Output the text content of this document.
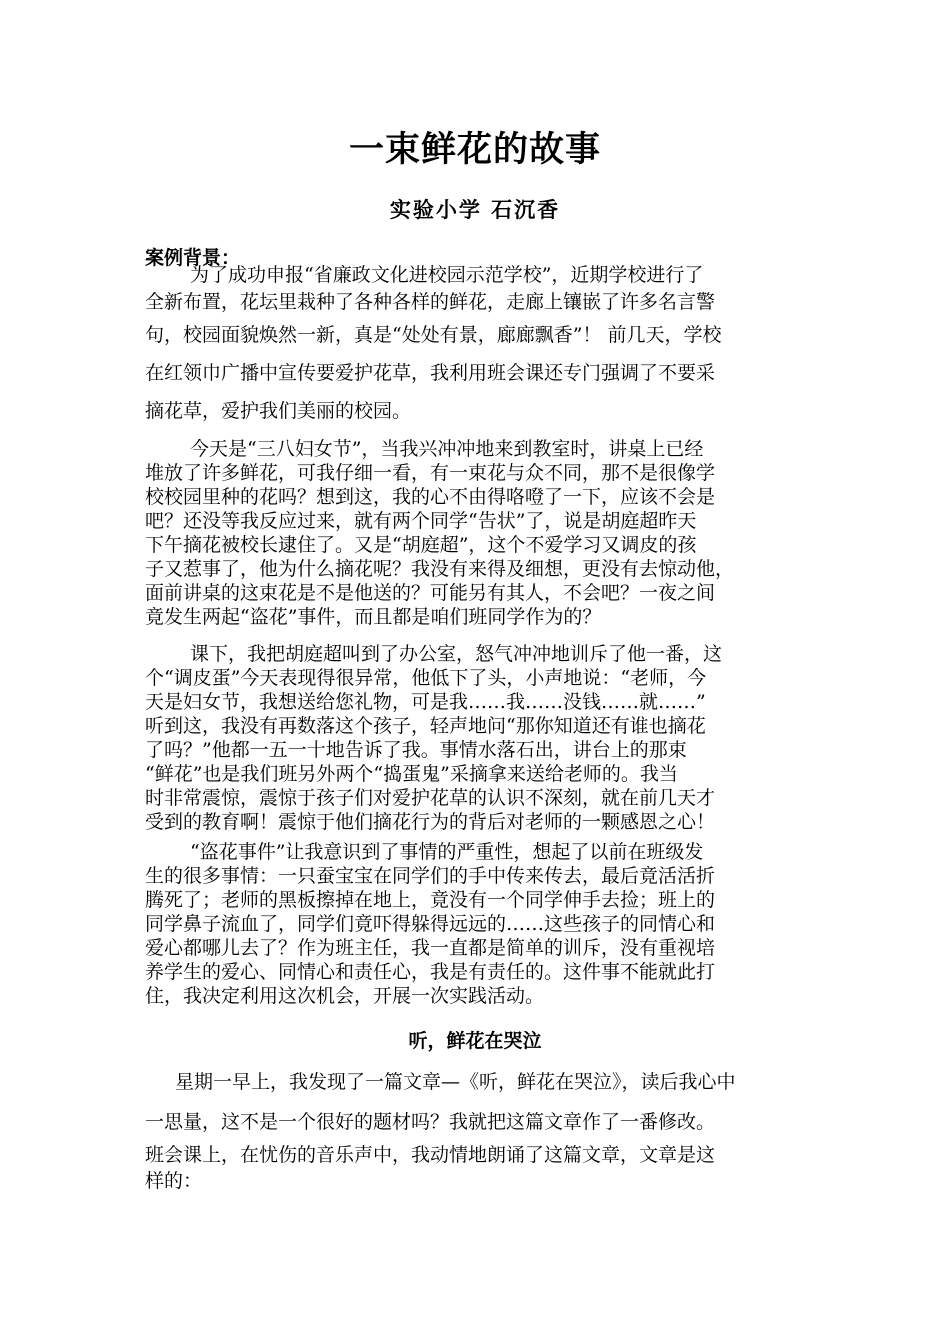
一束鲜花的故事
实验小学 石沉香
案例背景：
为了成功申报“省廉政文化进校园示范学校”，近期学校进行了
全新布置，花坛里栽种了各种各样的鲜花，走廊上镶嵌了许多名言警
句，校园面貌焕然一新，真是“处处有景，廊廊飘香”！ 前几天，学校
在红领巾广播中宣传要爱护花草，我利用班会课还专门强调了不要采
摘花草，爱护我们美丽的校园。
今天是“三八妇女节”，当我兴冲冲地来到教室时，讲桌上已经
堆放了许多鲜花，可我仔细一看，有一束花与众不同，那不是很像学
校校园里种的花吗？想到这，我的心不由得咯噔了一下，应该不会是
吧？还没等我反应过来，就有两个同学“告状”了，说是胡庭超昨天
下午摘花被校长逮住了。又是“胡庭超”，这个不爱学习又调皮的孩
子又惹事了，他为什么摘花呢？我没有来得及细想，更没有去惊动他，
面前讲桌的这束花是不是他送的？可能另有其人，不会吧？一夜之间
竟发生两起“盗花”事件，而且都是咱们班同学作为的？
课下，我把胡庭超叫到了办公室，怒气冲冲地训斥了他一番，这
个“调皮蛋”今天表现得很异常，他低下了头，小声地说：“老师，今
天是妇女节，我想送给您礼物，可是我……我……没钱……就……”
听到这，我没有再数落这个孩子，轻声地问“那你知道还有谁也摘花
了吗？”他都一五一十地告诉了我。事情水落石出，讲台上的那束
“鲜花”也是我们班另外两个“捣蛋鬼”采摘拿来送给老师的。我当
时非常震惊，震惊于孩子们对爱护花草的认识不深刻，就在前几天才
受到的教育啊！震惊于他们摘花行为的背后对老师的一颗感恩之心！
“盗花事件”让我意识到了事情的严重性，想起了以前在班级发
生的很多事情：一只蚕宝宝在同学们的手中传来传去，最后竟活活折
腾死了；老师的黑板擦掉在地上，竟没有一个同学伸手去捡；班上的
同学鼻子流血了，同学们竟吓得躲得远远的……这些孩子的同情心和
爱心都哪儿去了？作为班主任，我一直都是简单的训斥，没有重视培
养学生的爱心、同情心和责任心，我是有责任的。这件事不能就此打
住，我决定利用这次机会，开展一次实践活动。
听，鲜花在哭泣
星期一早上，我发现了一篇文章—《听，鲜花在哭泣》，读后我心中
一思量，这不是一个很好的题材吗？我就把这篇文章作了一番修改。
班会课上，在忧伤的音乐声中，我动情地朗诵了这篇文章，文章是这
样的：
